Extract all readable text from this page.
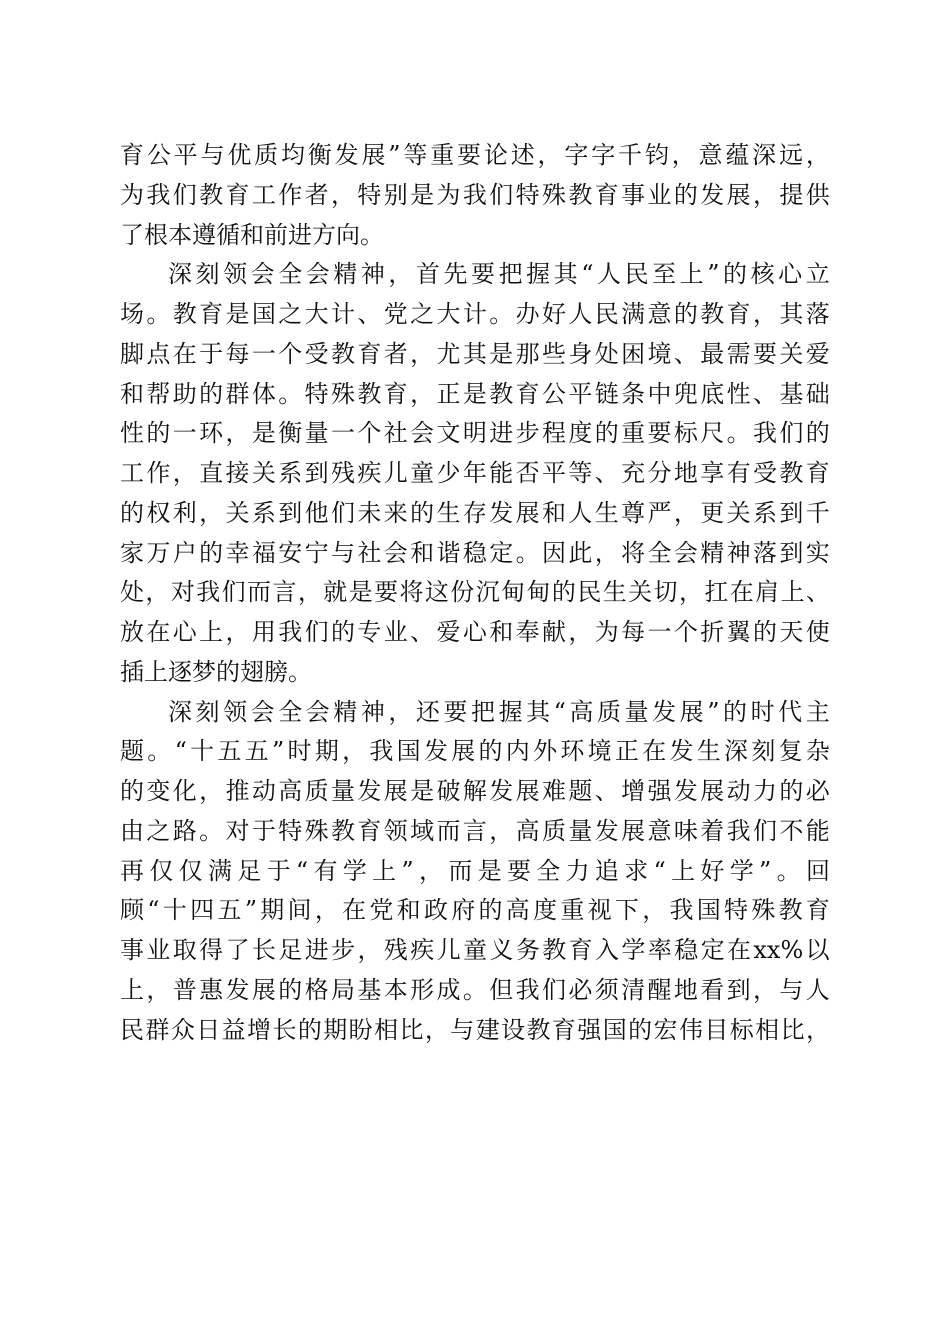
育 公 平 与 优 质 均 衡 发 展 ” 等 重 要 论 述 ， 字 字 千 钧 ， 意 蕴 深 远 ，
为 我 们 教 育 工 作 者 ， 特 别 是 为 我 们 特 殊 教 育 事 业 的 发 展 ， 提 供
了 根 本 遵 循 和 前 进 方 向 。
深 刻 领 会 全 会 精 神 ， 首 先 要 把 握 其 “ 人 民 至 上 ” 的 核 心 立
场 。 教 育 是 国 之 大 计 、 党 之 大 计 。 办 好 人 民 满 意 的 教 育 ， 其 落
脚 点 在 于 每 一 个 受 教 育 者 ， 尤 其 是 那 些 身 处 困 境 、 最 需 要 关 爱
和 帮 助 的 群 体 。 特 殊 教 育 ， 正 是 教 育 公 平 链 条 中 兜 底 性 、 基 础
性 的 一 环 ， 是 衡 量 一 个 社 会 文 明 进 步 程 度 的 重 要 标 尺 。 我 们 的
工 作 ， 直 接 关 系 到 残 疾 儿 童 少 年 能 否 平 等 、 充 分 地 享 有 受 教 育
的 权 利 ， 关 系 到 他 们 未 来 的 生 存 发 展 和 人 生 尊 严 ， 更 关 系 到 千
家 万 户 的 幸 福 安 宁 与 社 会 和 谐 稳 定 。 因 此 ， 将 全 会 精 神 落 到 实
处 ， 对 我 们 而 言 ， 就 是 要 将 这 份 沉 甸 甸 的 民 生 关 切 ， 扛 在 肩 上 、
放 在 心 上 ， 用 我 们 的 专 业 、 爱 心 和 奉 献 ， 为 每 一 个 折 翼 的 天 使
插 上 逐 梦 的 翅 膀 。
深 刻 领 会 全 会 精 神 ， 还 要 把 握 其 “ 高 质 量 发 展 ” 的 时 代 主
题 。 “ 十 五 五 ” 时 期 ， 我 国 发 展 的 内 外 环 境 正 在 发 生 深 刻 复 杂
的 变 化 ， 推 动 高 质 量 发 展 是 破 解 发 展 难 题 、 增 强 发 展 动 力 的 必
由 之 路 。 对 于 特 殊 教 育 领 域 而 言 ， 高 质 量 发 展 意 味 着 我 们 不 能
再 仅 仅 满 足 于 “ 有 学 上 ” ， 而 是 要 全 力 追 求 “ 上 好 学 ” 。 回
顾 “ 十 四 五 ” 期 间 ， 在 党 和 政 府 的 高 度 重 视 下 ， 我 国 特 殊 教 育
事 业 取 得 了 长 足 进 步 ， 残 疾 儿 童 义 务 教 育 入 学 率 稳 定 在 xx% 以
上 ， 普 惠 发 展 的 格 局 基 本 形 成 。 但 我 们 必 须 清 醒 地 看 到 ， 与 人
民 群 众 日 益 增 长 的 期 盼 相 比 ， 与 建 设 教 育 强 国 的 宏 伟 目 标 相 比 ，
